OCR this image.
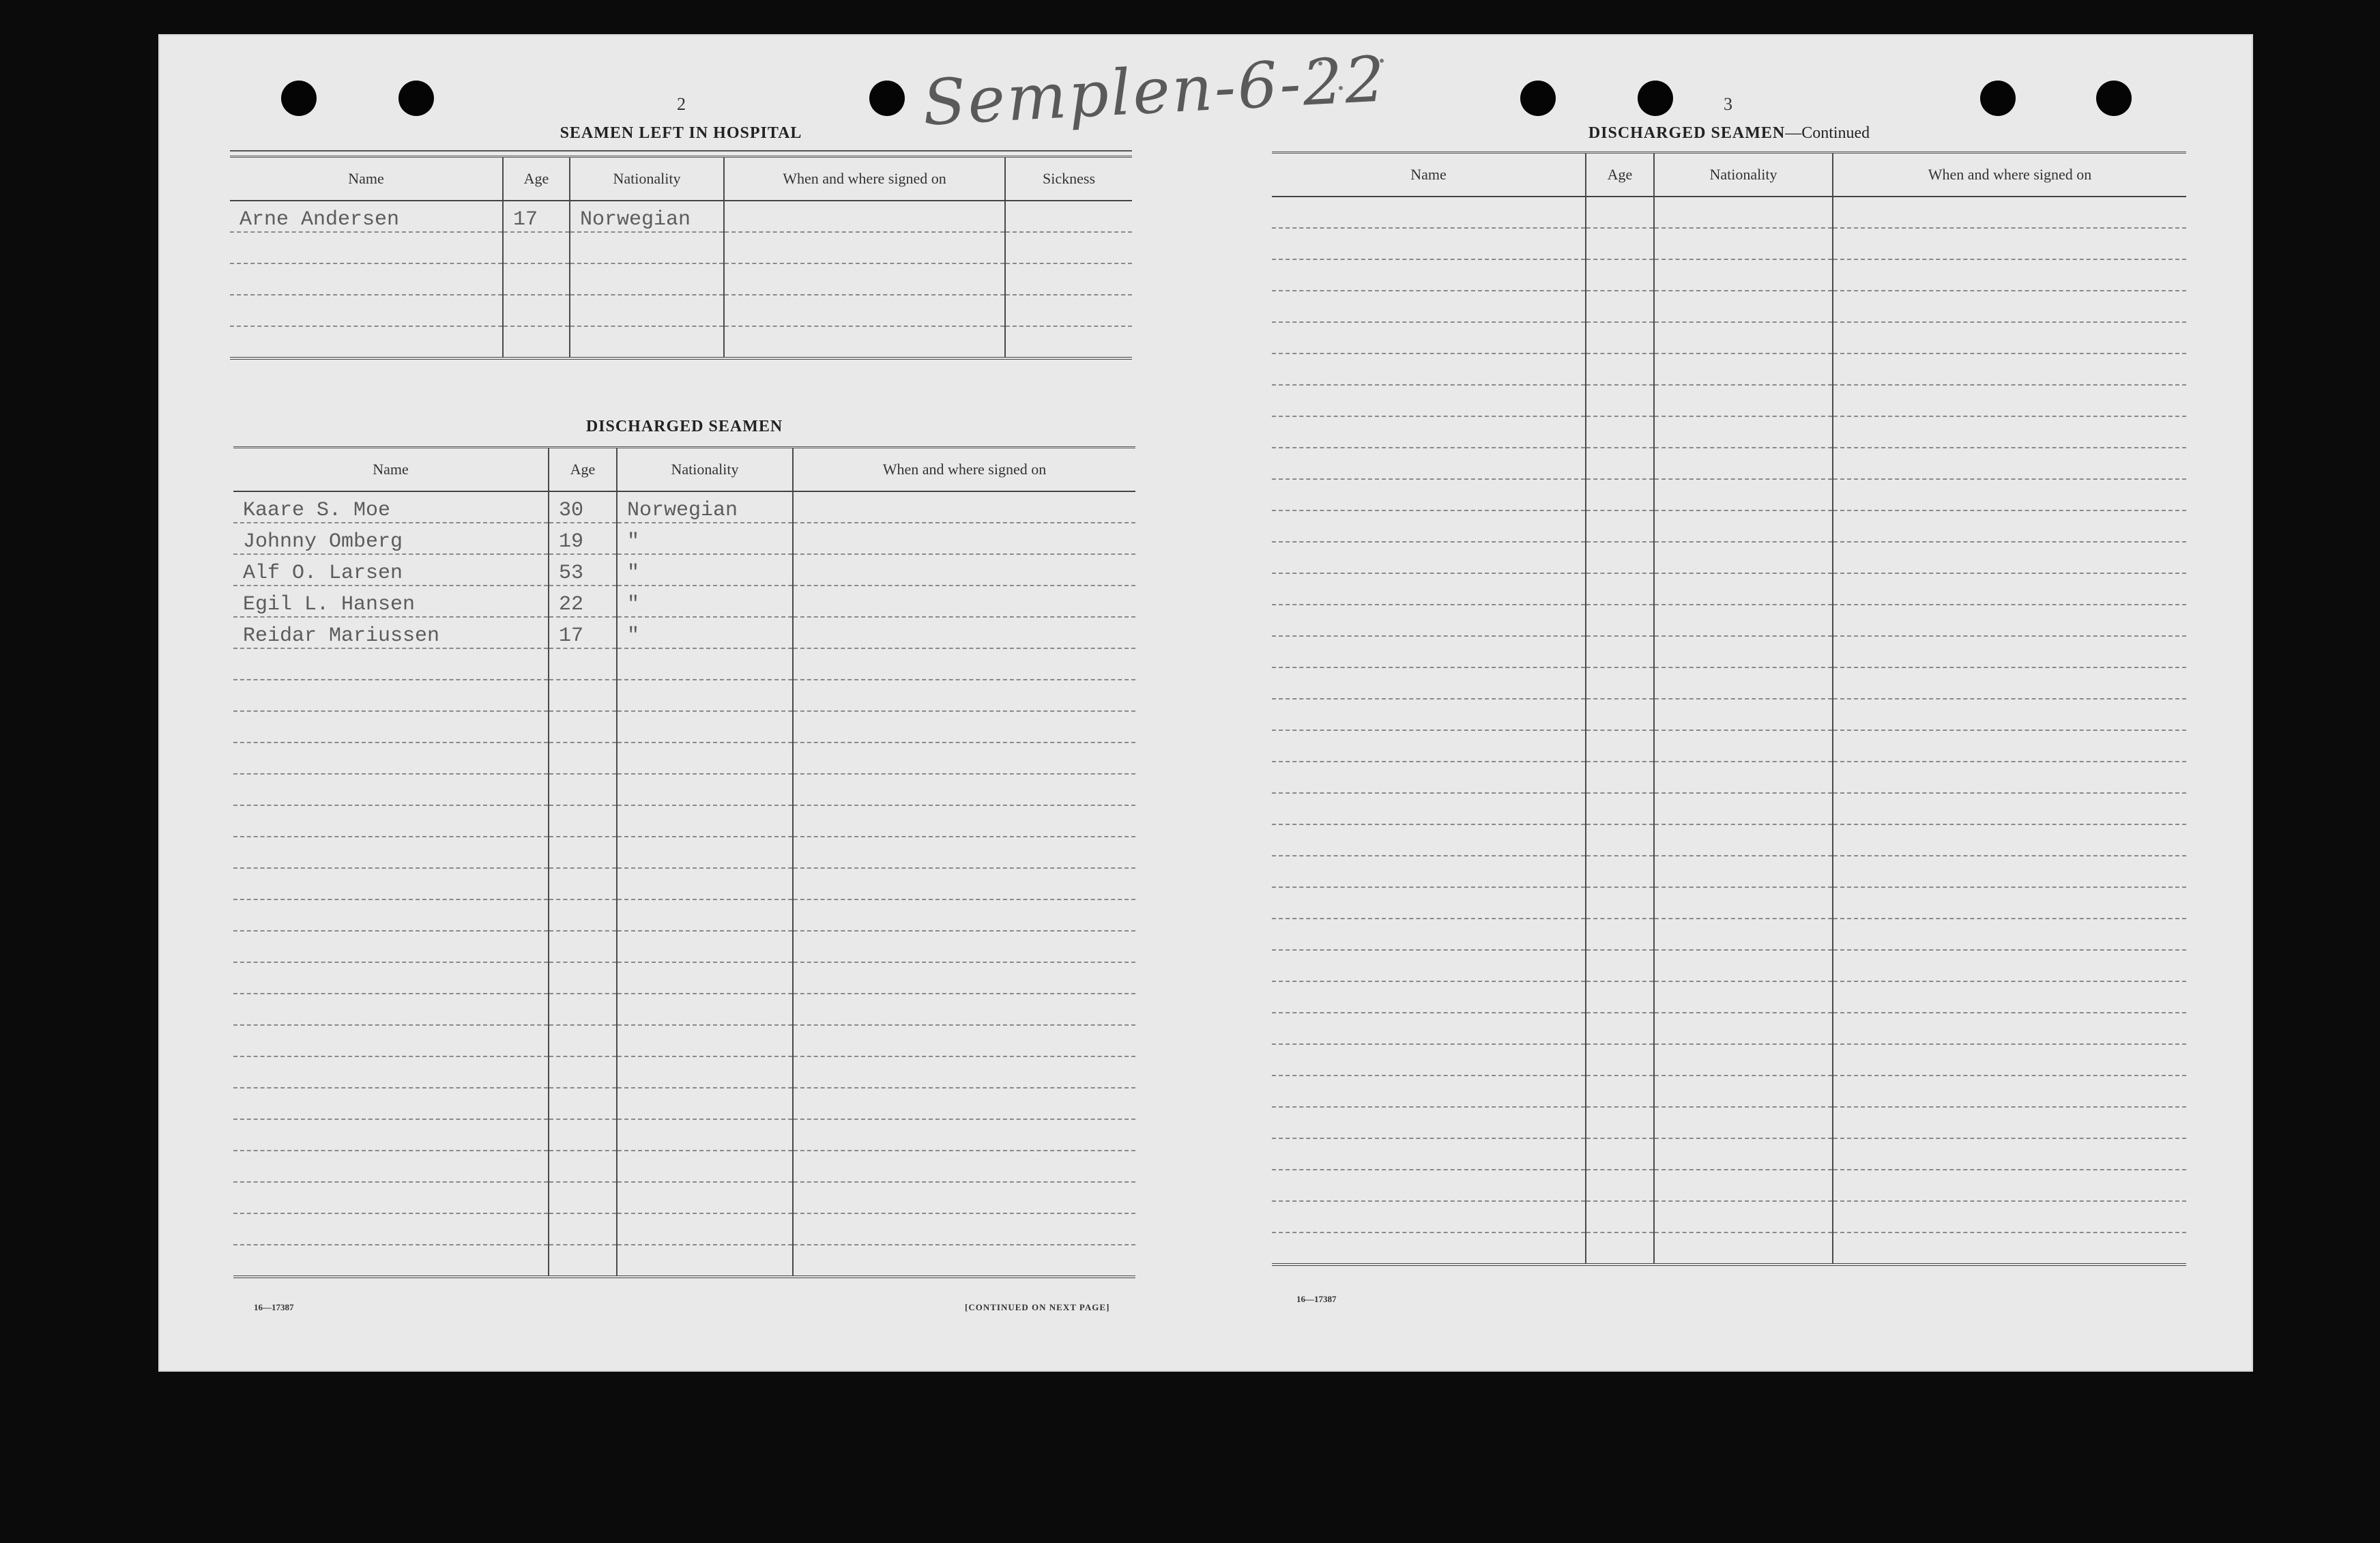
Semplen-6-22
2
SEAMEN LEFT IN HOSPITAL
Name	Age	Nationality	When and where signed on	Sickness
Arne Andersen	17	Norwegian		

DISCHARGED SEAMEN
Name	Age	Nationality	When and where signed on
Kaare S. Moe	30	Norwegian	
Johnny Omberg	19	"	
Alf O. Larsen	53	"	
Egil L. Hansen	22	"	
Reidar Mariussen	17	"	

16—17387	[CONTINUED ON NEXT PAGE]
3
DISCHARGED SEAMEN—Continued
Name	Age	Nationality	When and where signed on

16—17387
